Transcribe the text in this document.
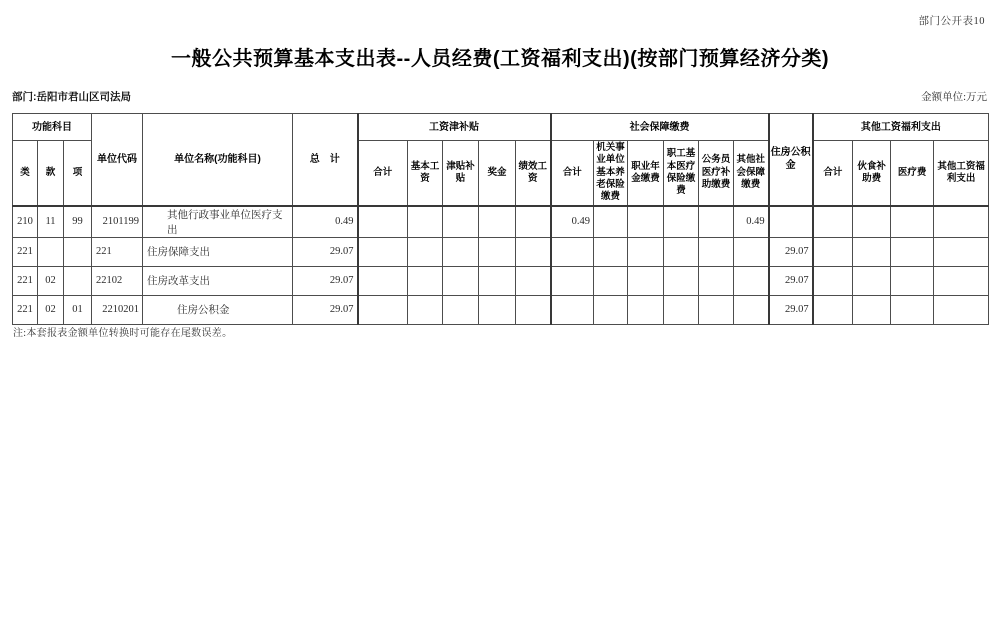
部门公开表10
一般公共预算基本支出表--人员经费(工资福利支出)(按部门预算经济分类)
部门:岳阳市君山区司法局	金额单位:万元
功能科目			单位代码	单位名称(功能科目)	总　计	工资津补贴					社会保障缴费						住房公积金	其他工资福利支出			
类	款	项				合计	基本工资	津贴补贴	奖金	绩效工资	合计	机关事业单位基本养老保险缴费	职业年金缴费	职工基本医疗保险缴费	公务员医疗补助缴费	其他社会保障缴费		合计	伙食补助费	医疗费	其他工资福利支出
210	11	99	2101199	其他行政事业单位医疗支出	0.49						0.49					0.49					
221			221	住房保障支出	29.07												29.07				
221	02		22102	住房改革支出	29.07												29.07				
221	02	01	2210201	住房公积金	29.07												29.07				
注:本套报表金额单位转换时可能存在尾数误差。
